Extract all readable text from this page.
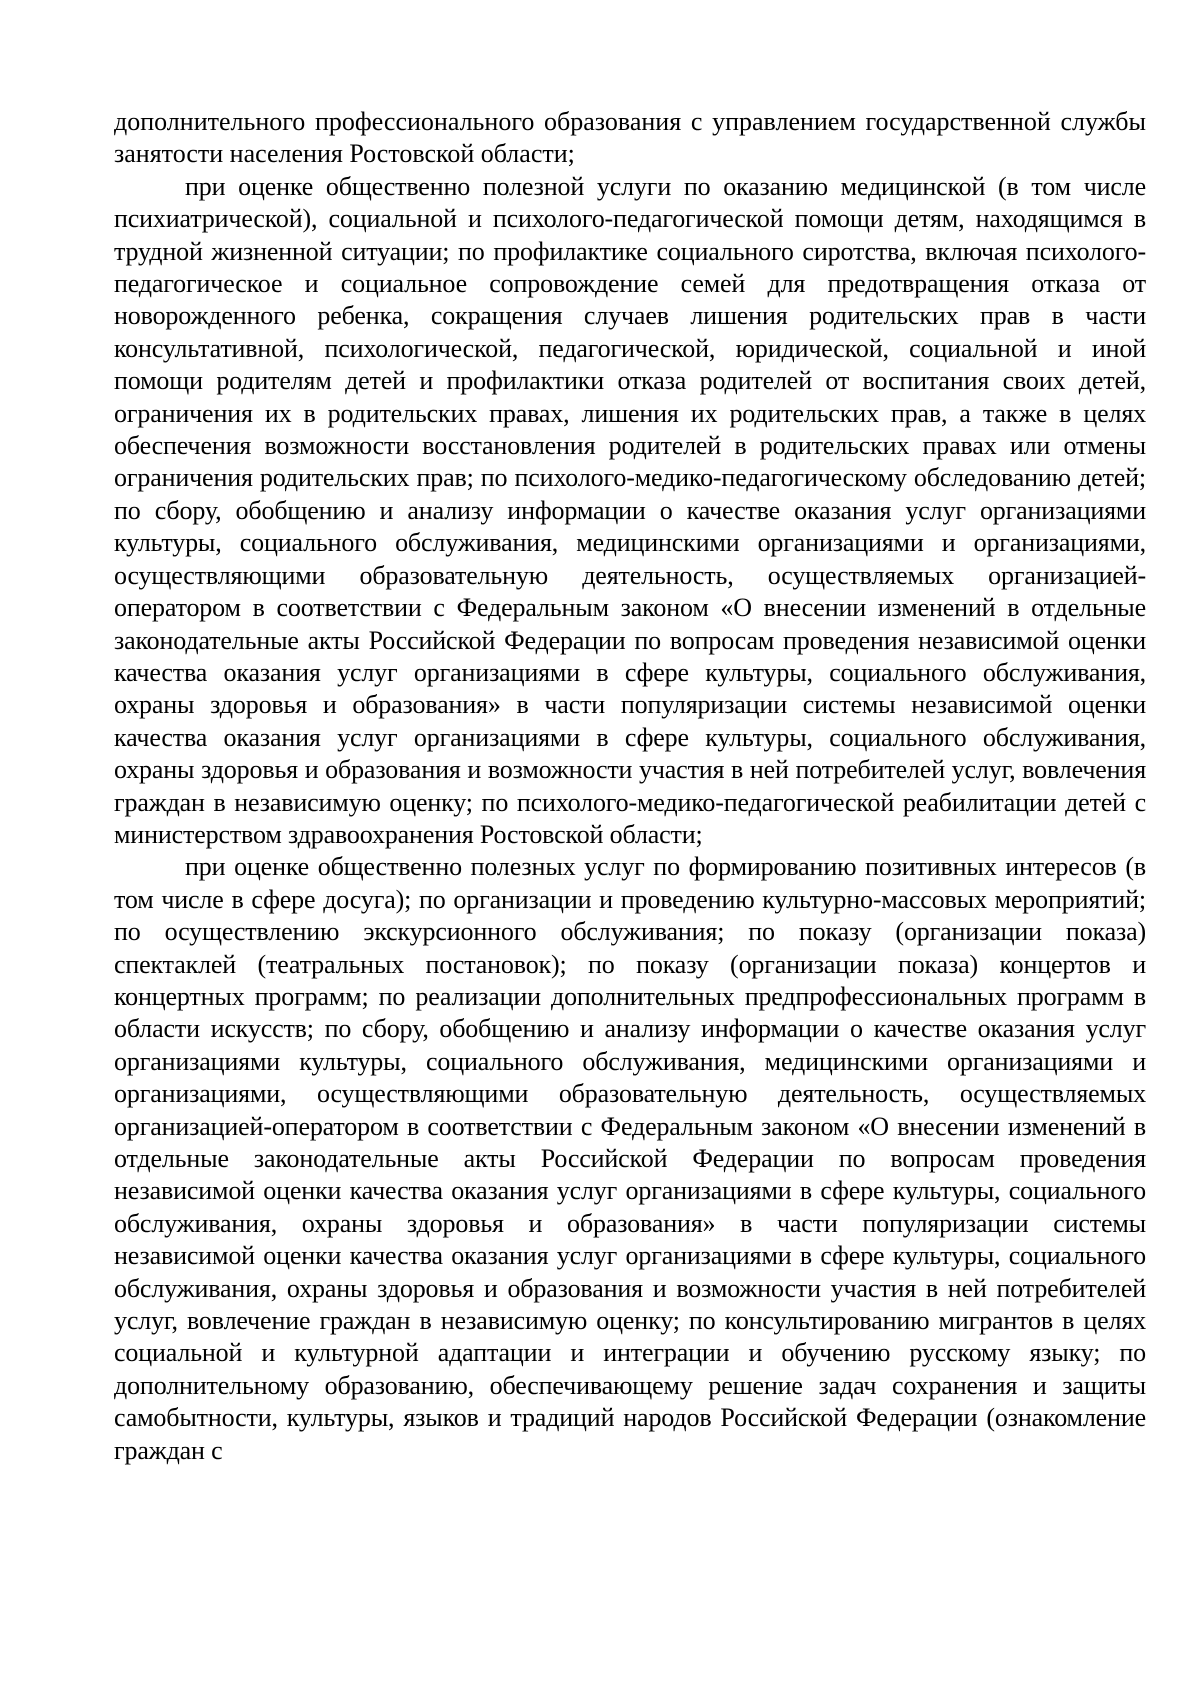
дополнительного профессионального образования с управлением государственной службы занятости населения Ростовской области;

при оценке общественно полезной услуги по оказанию медицинской (в том числе психиатрической), социальной и психолого-педагогической помощи детям, находящимся в трудной жизненной ситуации; по профилактике социального сиротства, включая психолого-педагогическое и социальное сопровождение семей для предотвращения отказа от новорожденного ребенка, сокращения случаев лишения родительских прав в части консультативной, психологической, педагогической, юридической, социальной и иной помощи родителям детей и профилактики отказа родителей от воспитания своих детей, ограничения их в родительских правах, лишения их родительских прав, а также в целях обеспечения возможности восстановления родителей в родительских правах или отмены ограничения родительских прав; по психолого-медико-педагогическому обследованию детей; по сбору, обобщению и анализу информации о качестве оказания услуг организациями культуры, социального обслуживания, медицинскими организациями и организациями, осуществляющими образовательную деятельность, осуществляемых организацией-оператором в соответствии с Федеральным законом «О внесении изменений в отдельные законодательные акты Российской Федерации по вопросам проведения независимой оценки качества оказания услуг организациями в сфере культуры, социального обслуживания, охраны здоровья и образования» в части популяризации системы независимой оценки качества оказания услуг организациями в сфере культуры, социального обслуживания, охраны здоровья и образования и возможности участия в ней потребителей услуг, вовлечения граждан в независимую оценку; по психолого-медико-педагогической реабилитации детей с министерством здравоохранения Ростовской области;

при оценке общественно полезных услуг по формированию позитивных интересов (в том числе в сфере досуга); по организации и проведению культурно-массовых мероприятий; по осуществлению экскурсионного обслуживания; по показу (организации показа) спектаклей (театральных постановок); по показу (организации показа) концертов и концертных программ; по реализации дополнительных предпрофессиональных программ в области искусств; по сбору, обобщению и анализу информации о качестве оказания услуг организациями культуры, социального обслуживания, медицинскими организациями и организациями, осуществляющими образовательную деятельность, осуществляемых организацией-оператором в соответствии с Федеральным законом «О внесении изменений в отдельные законодательные акты Российской Федерации по вопросам проведения независимой оценки качества оказания услуг организациями в сфере культуры, социального обслуживания, охраны здоровья и образования» в части популяризации системы независимой оценки качества оказания услуг организациями в сфере культуры, социального обслуживания, охраны здоровья и образования и возможности участия в ней потребителей услуг, вовлечение граждан в независимую оценку; по консультированию мигрантов в целях социальной и культурной адаптации и интеграции и обучению русскому языку; по дополнительному образованию, обеспечивающему решение задач сохранения и защиты самобытности, культуры, языков и традиций народов Российской Федерации (ознакомление граждан с
